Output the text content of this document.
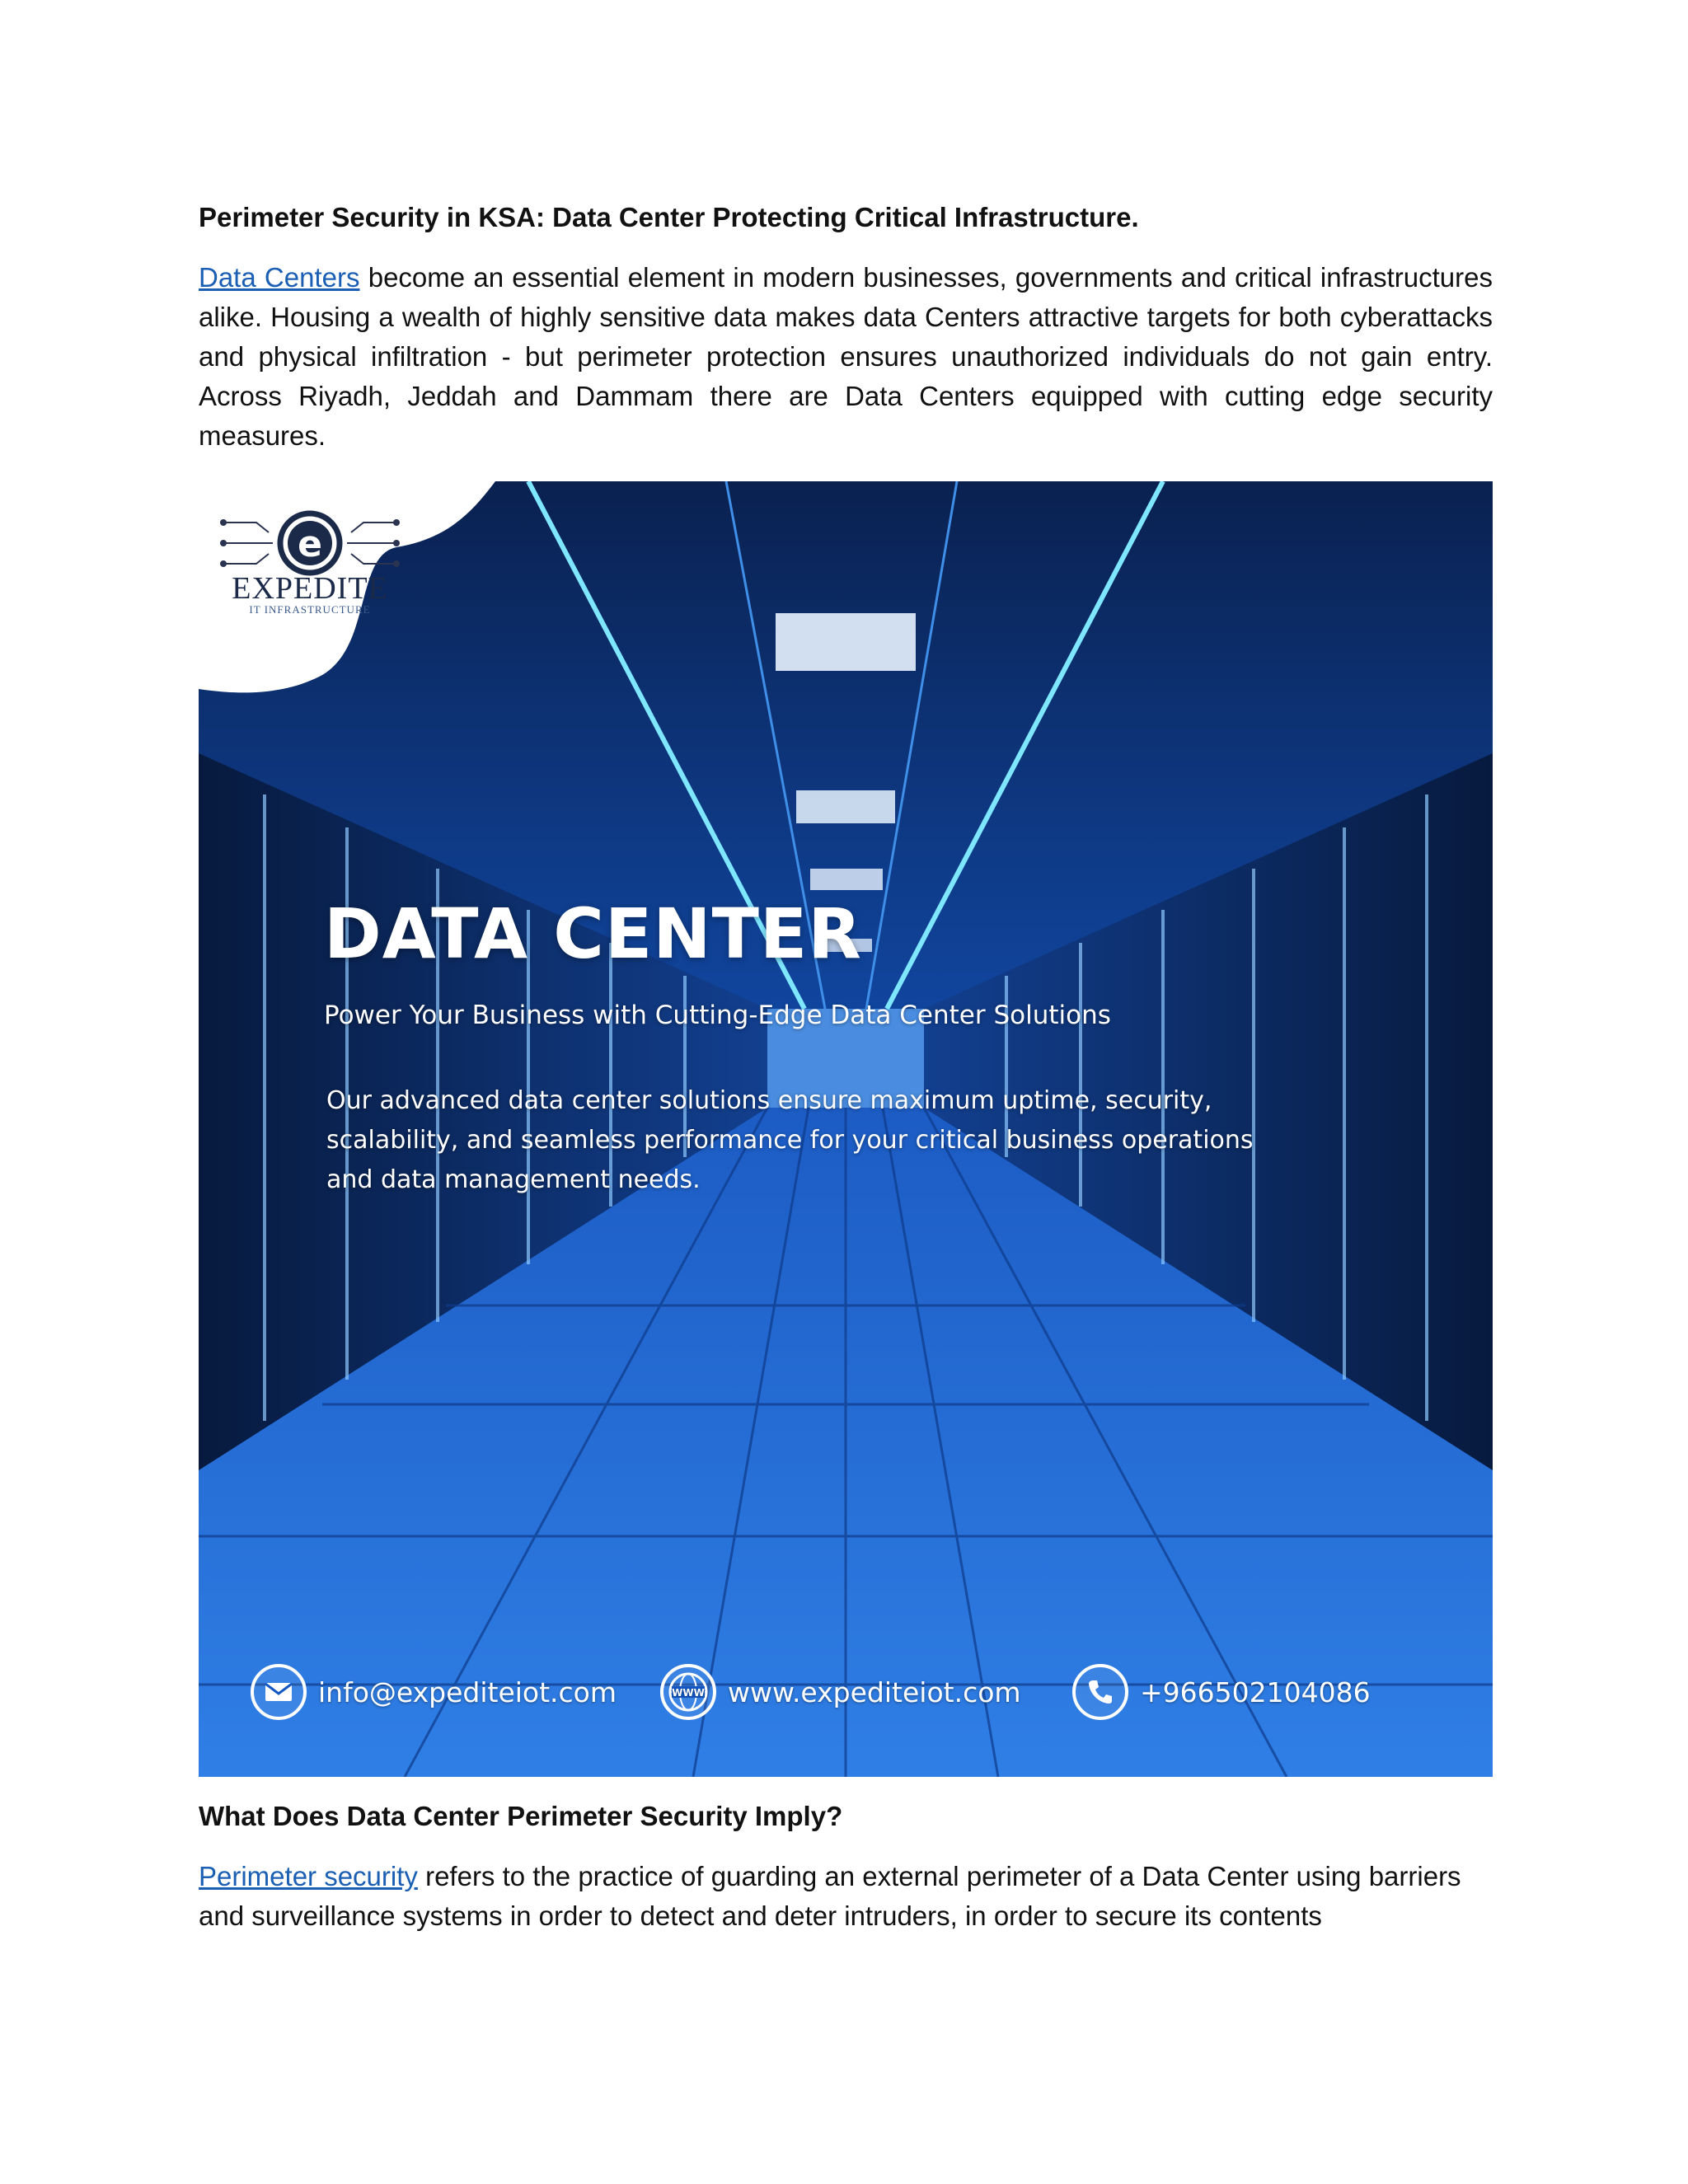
Perimeter Security in KSA: Data Center Protecting Critical Infrastructure.

Data Centers become an essential element in modern businesses, governments and critical infrastructures alike. Housing a wealth of highly sensitive data makes data Centers attractive targets for both cyberattacks and physical infiltration - but perimeter protection ensures unauthorized individuals do not gain entry. Across Riyadh, Jeddah and Dammam there are Data Centers equipped with cutting edge security measures.

e
EXPEDITE
IT INFRASTRUCTURE
DATA CENTER
Power Your Business with Cutting-Edge Data Center Solutions
Our advanced data center solutions ensure maximum uptime, security, scalability, and seamless performance for your critical business operations and data management needs.
info@expediteiot.com	WWW www.expediteiot.com	+966502104086
What Does Data Center Perimeter Security Imply?

Perimeter security refers to the practice of guarding an external perimeter of a Data Center using barriers and surveillance systems in order to detect and deter intruders, in order to secure its contents
